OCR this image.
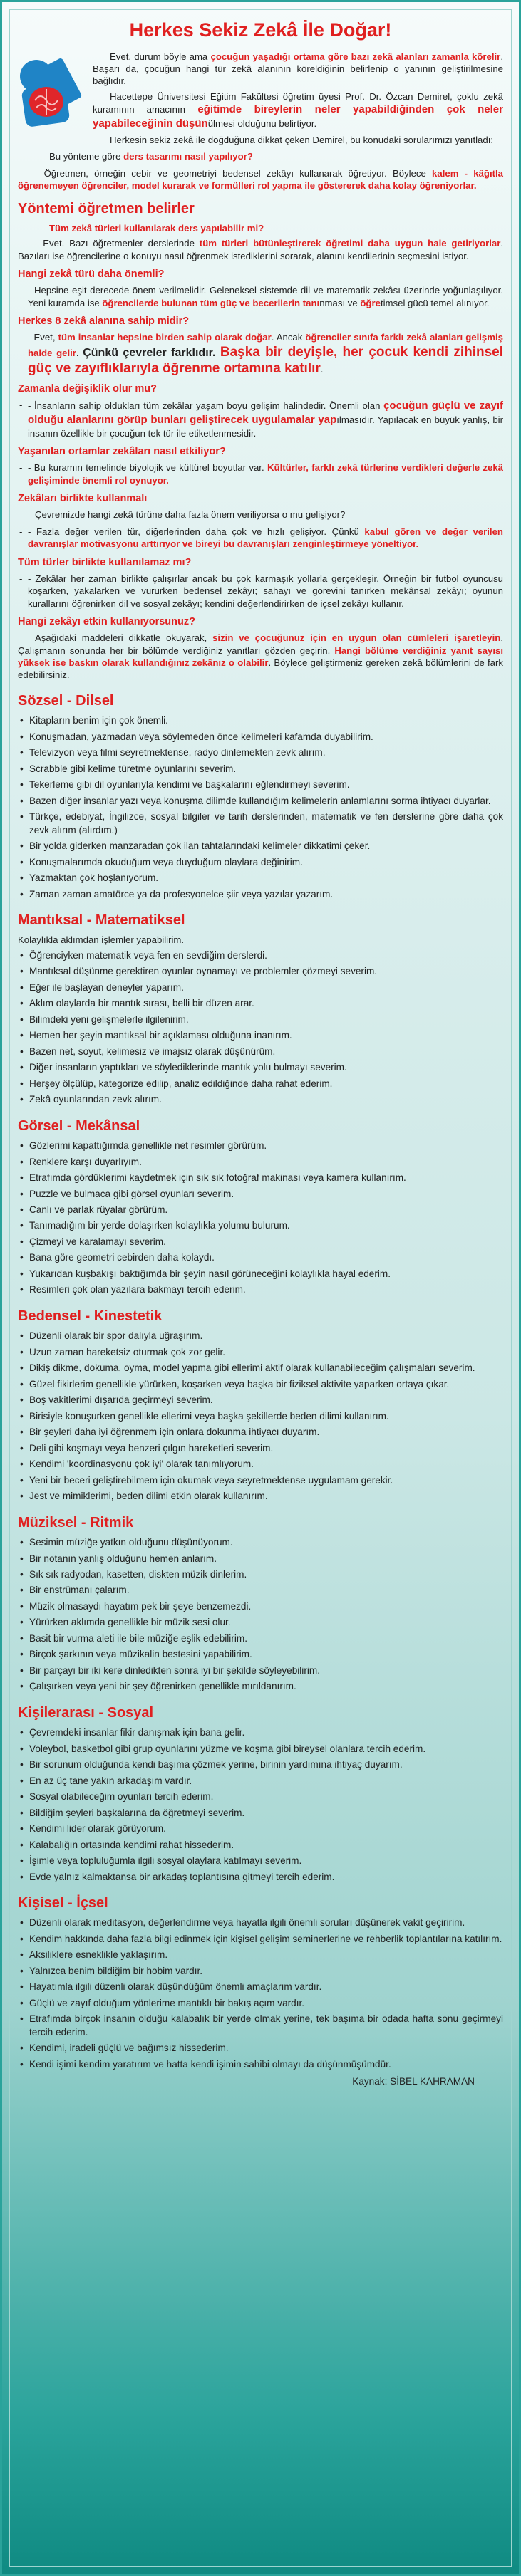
Herkes Sekiz Zekâ İle Doğar!

Evet, durum böyle ama çocuğun yaşadığı ortama göre bazı zekâ alanları zamanla körelir. Başarı da, çocuğun hangi tür zekâ alanının köreldiğinin belirlenip o yanının geliştirilmesine bağlıdır.

Hacettepe Üniversitesi Eğitim Fakültesi öğretim üyesi Prof. Dr. Özcan Demirel, çoklu zekâ kuramının amacının eğitimde bireylerin neler yapabildiğinden çok neler yapabileceğinin düşünülmesi olduğunu belirtiyor.

Herkesin sekiz zekâ ile doğduğuna dikkat çeken Demirel, bu konudaki sorularımızı yanıtladı:

Bu yönteme göre ders tasarımı nasıl yapılıyor?

- Öğretmen, örneğin cebir ve geometriyi bedensel zekâyı kullanarak öğretiyor. Böylece kalem - kâğıtla öğrenemeyen öğrenciler, model kurarak ve formülleri rol yapma ile göstererek daha kolay öğreniyorlar.

Yöntemi öğretmen belirler
Tüm zekâ türleri kullanılarak ders yapılabilir mi?

- Evet. Bazı öğretmenler derslerinde tüm türleri bütünleştirerek öğretimi daha uygun hale getiriyorlar. Bazıları ise öğrencilerine o konuyu nasıl öğrenmek istediklerini sorarak, alanını kendilerinin seçmesini istiyor.

Hangi zekâ türü daha önemli?
- - Hepsine eşit derecede önem verilmelidir. Geleneksel sistemde dil ve matematik zekâsı üzerinde yoğunlaşılıyor. Yeni kuramda ise öğrencilerde bulunan tüm güç ve becerilerin tanınması ve öğretimsel gücü temel alınıyor.
Herkes 8 zekâ alanına sahip midir?
- - Evet, tüm insanlar hepsine birden sahip olarak doğar. Ancak öğrenciler sınıfa farklı zekâ alanları gelişmiş halde gelir. Çünkü çevreler farklıdır. Başka bir deyişle, her çocuk kendi zihinsel güç ve zayıflıklarıyla öğrenme ortamına katılır.
Zamanla değişiklik olur mu?
- - İnsanların sahip oldukları tüm zekâlar yaşam boyu gelişim halindedir. Önemli olan çocuğun güçlü ve zayıf olduğu alanlarını görüp bunları geliştirecek uygulamalar yapılmasıdır. Yapılacak en büyük yanlış, bir insanın özellikle bir çocuğun tek tür ile etiketlenmesidir.
Yaşanılan ortamlar zekâları nasıl etkiliyor?
- - Bu kuramın temelinde biyolojik ve kültürel boyutlar var. Kültürler, farklı zekâ türlerine verdikleri değerle zekâ gelişiminde önemli rol oynuyor.
Zekâları birlikte kullanmalı

Çevremizde hangi zekâ türüne daha fazla önem veriliyorsa o mu gelişiyor?

- - Fazla değer verilen tür, diğerlerinden daha çok ve hızlı gelişiyor. Çünkü kabul gören ve değer verilen davranışlar motivasyonu arttırıyor ve bireyi bu davranışları zenginleştirmeye yöneltiyor.
Tüm türler birlikte kullanılamaz mı?
- - Zekâlar her zaman birlikte çalışırlar ancak bu çok karmaşık yollarla gerçekleşir. Örneğin bir futbol oyuncusu koşarken, yakalarken ve vururken bedensel zekâyı; sahayı ve görevini tanırken mekânsal zekâyı; oyunun kurallarını öğrenirken dil ve sosyal zekâyı; kendini değerlendirirken de içsel zekâyı kullanır.
Hangi zekâyı etkin kullanıyorsunuz?

Aşağıdaki maddeleri dikkatle okuyarak, sizin ve çocuğunuz için en uygun olan cümleleri işaretleyin. Çalışmanın sonunda her bir bölümde verdiğiniz yanıtları gözden geçirin. Hangi bölüme verdiğiniz yanıt sayısı yüksek ise baskın olarak kullandığınız zekânız o olabilir. Böylece geliştirmeniz gereken zekâ bölümlerini de fark edebilirsiniz.

Sözsel - Dilsel
• Kitapların benim için çok önemli.
• Konuşmadan, yazmadan veya söylemeden önce kelimeleri kafamda duyabilirim.
• Televizyon veya filmi seyretmektense, radyo dinlemekten zevk alırım.
• Scrabble gibi kelime türetme oyunlarını severim.
• Tekerleme gibi dil oyunlarıyla kendimi ve başkalarını eğlendirmeyi severim.
• Bazen diğer insanlar yazı veya konuşma dilimde kullandığım kelimelerin anlamlarını sorma ihtiyacı duyarlar.
• Türkçe, edebiyat, İngilizce, sosyal bilgiler ve tarih derslerinden, matematik ve fen derslerine göre daha çok zevk alırım (alırdım.)
• Bir yolda giderken manzaradan çok ilan tahtalarındaki kelimeler dikkatimi çeker.
• Konuşmalarımda okuduğum veya duyduğum olaylara değinirim.
• Yazmaktan çok hoşlanıyorum.
• Zaman zaman amatörce ya da profesyonelce şiir veya yazılar yazarım.
Mantıksal - Matematiksel

Kolaylıkla aklımdan işlemler yapabilirim.

• Öğrenciyken matematik veya fen en sevdiğim derslerdi.
• Mantıksal düşünme gerektiren oyunlar oynamayı ve problemler çözmeyi severim.
• Eğer ile başlayan deneyler yaparım.
• Aklım olaylarda bir mantık sırası, belli bir düzen arar.
• Bilimdeki yeni gelişmelerle ilgilenirim.
• Hemen her şeyin mantıksal bir açıklaması olduğuna inanırım.
• Bazen net, soyut, kelimesiz ve imajsız olarak düşünürüm.
• Diğer insanların yaptıkları ve söylediklerinde mantık yolu bulmayı severim.
• Herşey ölçülüp, kategorize edilip, analiz edildiğinde daha rahat ederim.
• Zekâ oyunlarından zevk alırım.
Görsel - Mekânsal
• Gözlerimi kapattığımda genellikle net resimler görürüm.
• Renklere karşı duyarlıyım.
• Etrafımda gördüklerimi kaydetmek için sık sık fotoğraf makinası veya kamera kullanırım.
• Puzzle ve bulmaca gibi görsel oyunları severim.
• Canlı ve parlak rüyalar görürüm.
• Tanımadığım bir yerde dolaşırken kolaylıkla yolumu bulurum.
• Çizmeyi ve karalamayı severim.
• Bana göre geometri cebirden daha kolaydı.
• Yukarıdan kuşbakışı baktığımda bir şeyin nasıl görüneceğini kolaylıkla hayal ederim.
• Resimleri çok olan yazılara bakmayı tercih ederim.
Bedensel - Kinestetik
• Düzenli olarak bir spor dalıyla uğraşırım.
• Uzun zaman hareketsiz oturmak çok zor gelir.
• Dikiş dikme, dokuma, oyma, model yapma gibi ellerimi aktif olarak kullanabileceğim çalışmaları severim.
• Güzel fikirlerim genellikle yürürken, koşarken veya başka bir fiziksel aktivite yaparken ortaya çıkar.
• Boş vakitlerimi dışarıda geçirmeyi severim.
• Birisiyle konuşurken genellikle ellerimi veya başka şekillerde beden dilimi kullanırım.
• Bir şeyleri daha iyi öğrenmem için onlara dokunma ihtiyacı duyarım.
• Deli gibi koşmayı veya benzeri çılgın hareketleri severim.
• Kendimi 'koordinasyonu çok iyi' olarak tanımlıyorum.
• Yeni bir beceri geliştirebilmem için okumak veya seyretmektense uygulamam gerekir.
• Jest ve mimiklerimi, beden dilimi etkin olarak kullanırım.
Müziksel - Ritmik
• Sesimin müziğe yatkın olduğunu düşünüyorum.
• Bir notanın yanlış olduğunu hemen anlarım.
• Sık sık radyodan, kasetten, diskten müzik dinlerim.
• Bir enstrümanı çalarım.
• Müzik olmasaydı hayatım pek bir şeye benzemezdi.
• Yürürken aklımda genellikle bir müzik sesi olur.
• Basit bir vurma aleti ile bile müziğe eşlik edebilirim.
• Birçok şarkının veya müzikalin bestesini yapabilirim.
• Bir parçayı bir iki kere dinledikten sonra iyi bir şekilde söyleyebilirim.
• Çalışırken veya yeni bir şey öğrenirken genellikle mırıldanırım.
Kişilerarası - Sosyal
• Çevremdeki insanlar fikir danışmak için bana gelir.
• Voleybol, basketbol gibi grup oyunlarını yüzme ve koşma gibi bireysel olanlara tercih ederim.
• Bir sorunum olduğunda kendi başıma çözmek yerine, birinin yardımına ihtiyaç duyarım.
• En az üç tane yakın arkadaşım vardır.
• Sosyal olabileceğim oyunları tercih ederim.
• Bildiğim şeyleri başkalarına da öğretmeyi severim.
• Kendimi lider olarak görüyorum.
• Kalabalığın ortasında kendimi rahat hissederim.
• İşimle veya topluluğumla ilgili sosyal olaylara katılmayı severim.
• Evde yalnız kalmaktansa bir arkadaş toplantısına gitmeyi tercih ederim.
Kişisel - İçsel
• Düzenli olarak meditasyon, değerlendirme veya hayatla ilgili önemli soruları düşünerek vakit geçiririm.
• Kendim hakkında daha fazla bilgi edinmek için kişisel gelişim seminerlerine ve rehberlik toplantılarına katılırım.
• Aksiliklere esneklikle yaklaşırım.
• Yalnızca benim bildiğim bir hobim vardır.
• Hayatımla ilgili düzenli olarak düşündüğüm önemli amaçlarım vardır.
• Güçlü ve zayıf olduğum yönlerime mantıklı bir bakış açım vardır.
• Etrafımda birçok insanın olduğu kalabalık bir yerde olmak yerine, tek başıma bir odada hafta sonu geçirmeyi tercih ederim.
• Kendimi, iradeli güçlü ve bağımsız hissederim.
• Kendi işimi kendim yaratırım ve hatta kendi işimin sahibi olmayı da düşünmüşümdür.
Kaynak: SİBEL KAHRAMAN
